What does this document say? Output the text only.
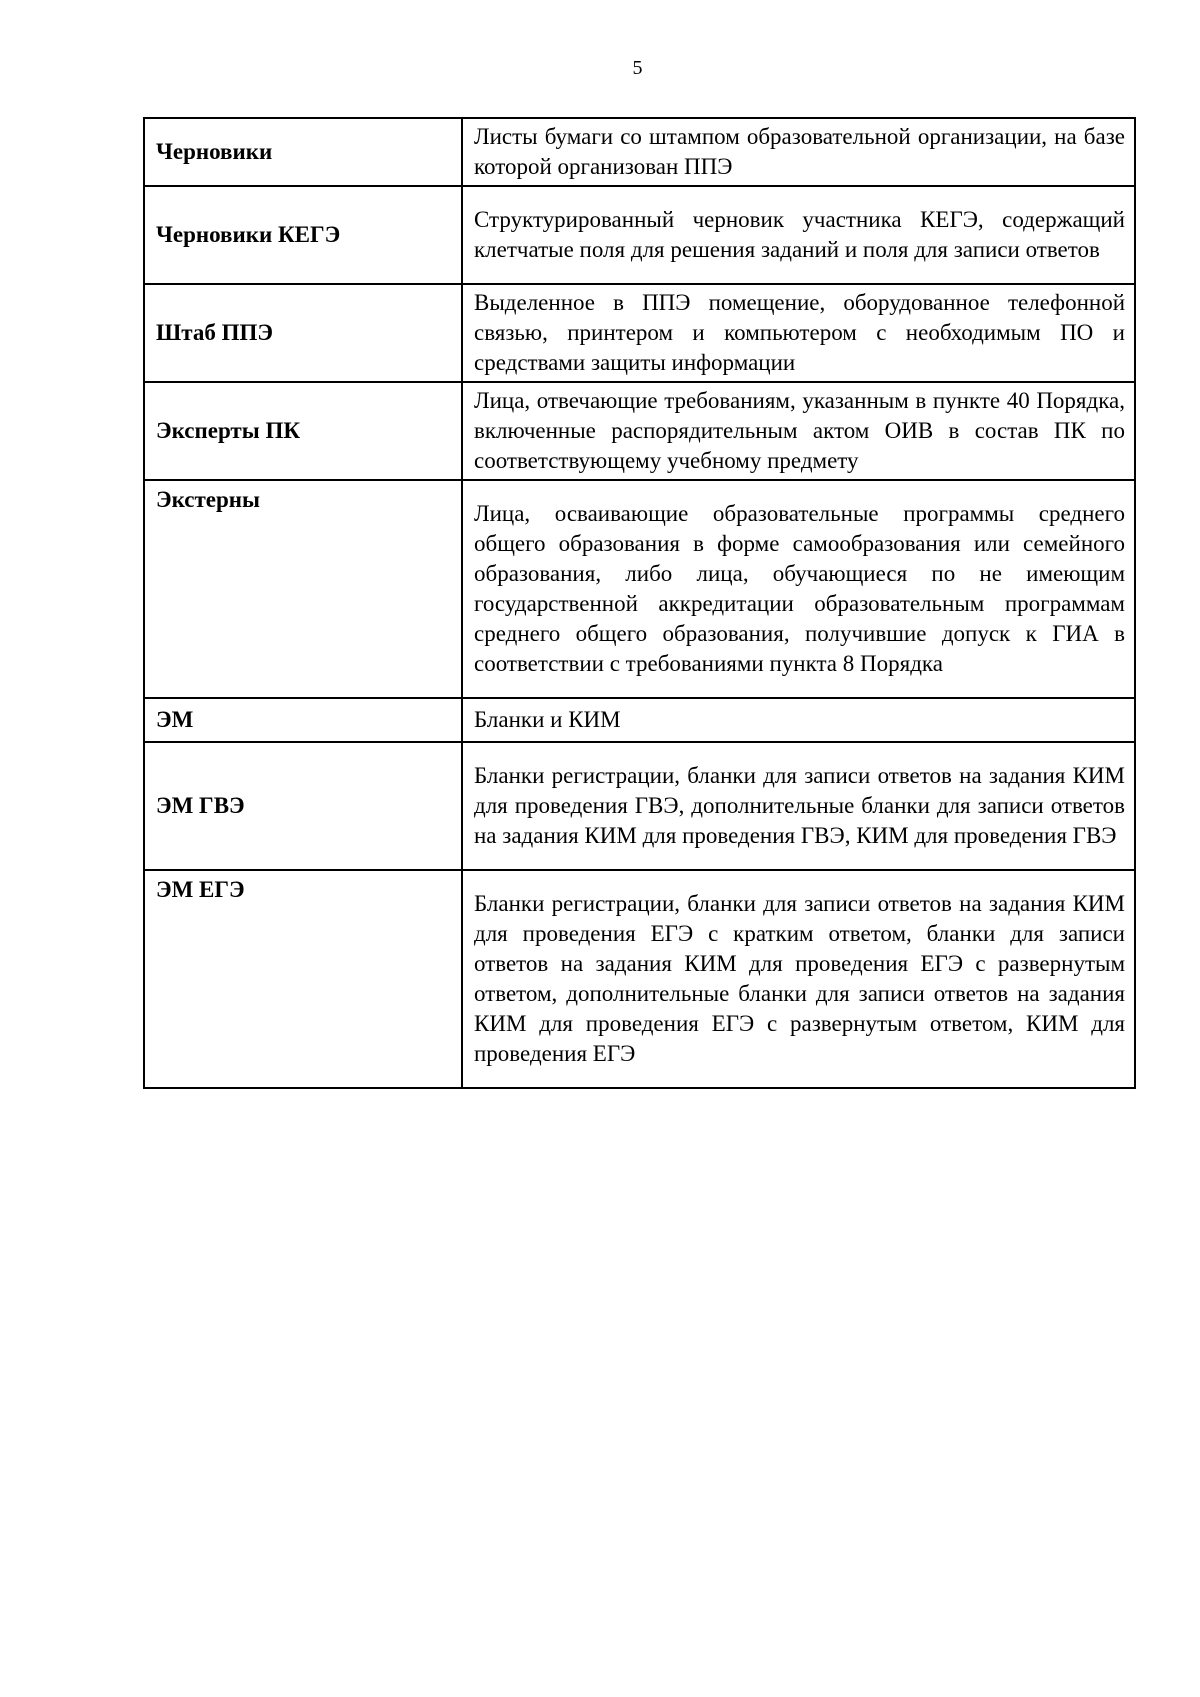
5
Черновики	Листы бумаги со штампом образовательной организации, на базе которой организован ППЭ
Черновики КЕГЭ	Структурированный черновик участника КЕГЭ, содержащий клетчатые поля для решения заданий и поля для записи ответов
Штаб ППЭ	Выделенное в ППЭ помещение, оборудованное телефонной связью, принтером и компьютером с необходимым ПО и средствами защиты информации
Эксперты ПК	Лица, отвечающие требованиям, указанным в пункте 40 Порядка, включенные распорядительным актом ОИВ в состав ПК по соответствующему учебному предмету
Экстерны	Лица, осваивающие образовательные программы среднего общего образования в форме самообразования или семейного образования, либо лица, обучающиеся по не имеющим государственной аккредитации образовательным программам среднего общего образования, получившие допуск к ГИА в соответствии с требованиями пункта 8 Порядка
ЭМ	Бланки и КИМ
ЭМ ГВЭ	Бланки регистрации, бланки для записи ответов на задания КИМ для проведения ГВЭ, дополнительные бланки для записи ответов на задания КИМ для проведения ГВЭ, КИМ для проведения ГВЭ
ЭМ ЕГЭ	Бланки регистрации, бланки для записи ответов на задания КИМ для проведения ЕГЭ с кратким ответом, бланки для записи ответов на задания КИМ для проведения ЕГЭ с развернутым ответом, дополнительные бланки для записи ответов на задания КИМ для проведения ЕГЭ с развернутым ответом, КИМ для проведения ЕГЭ
